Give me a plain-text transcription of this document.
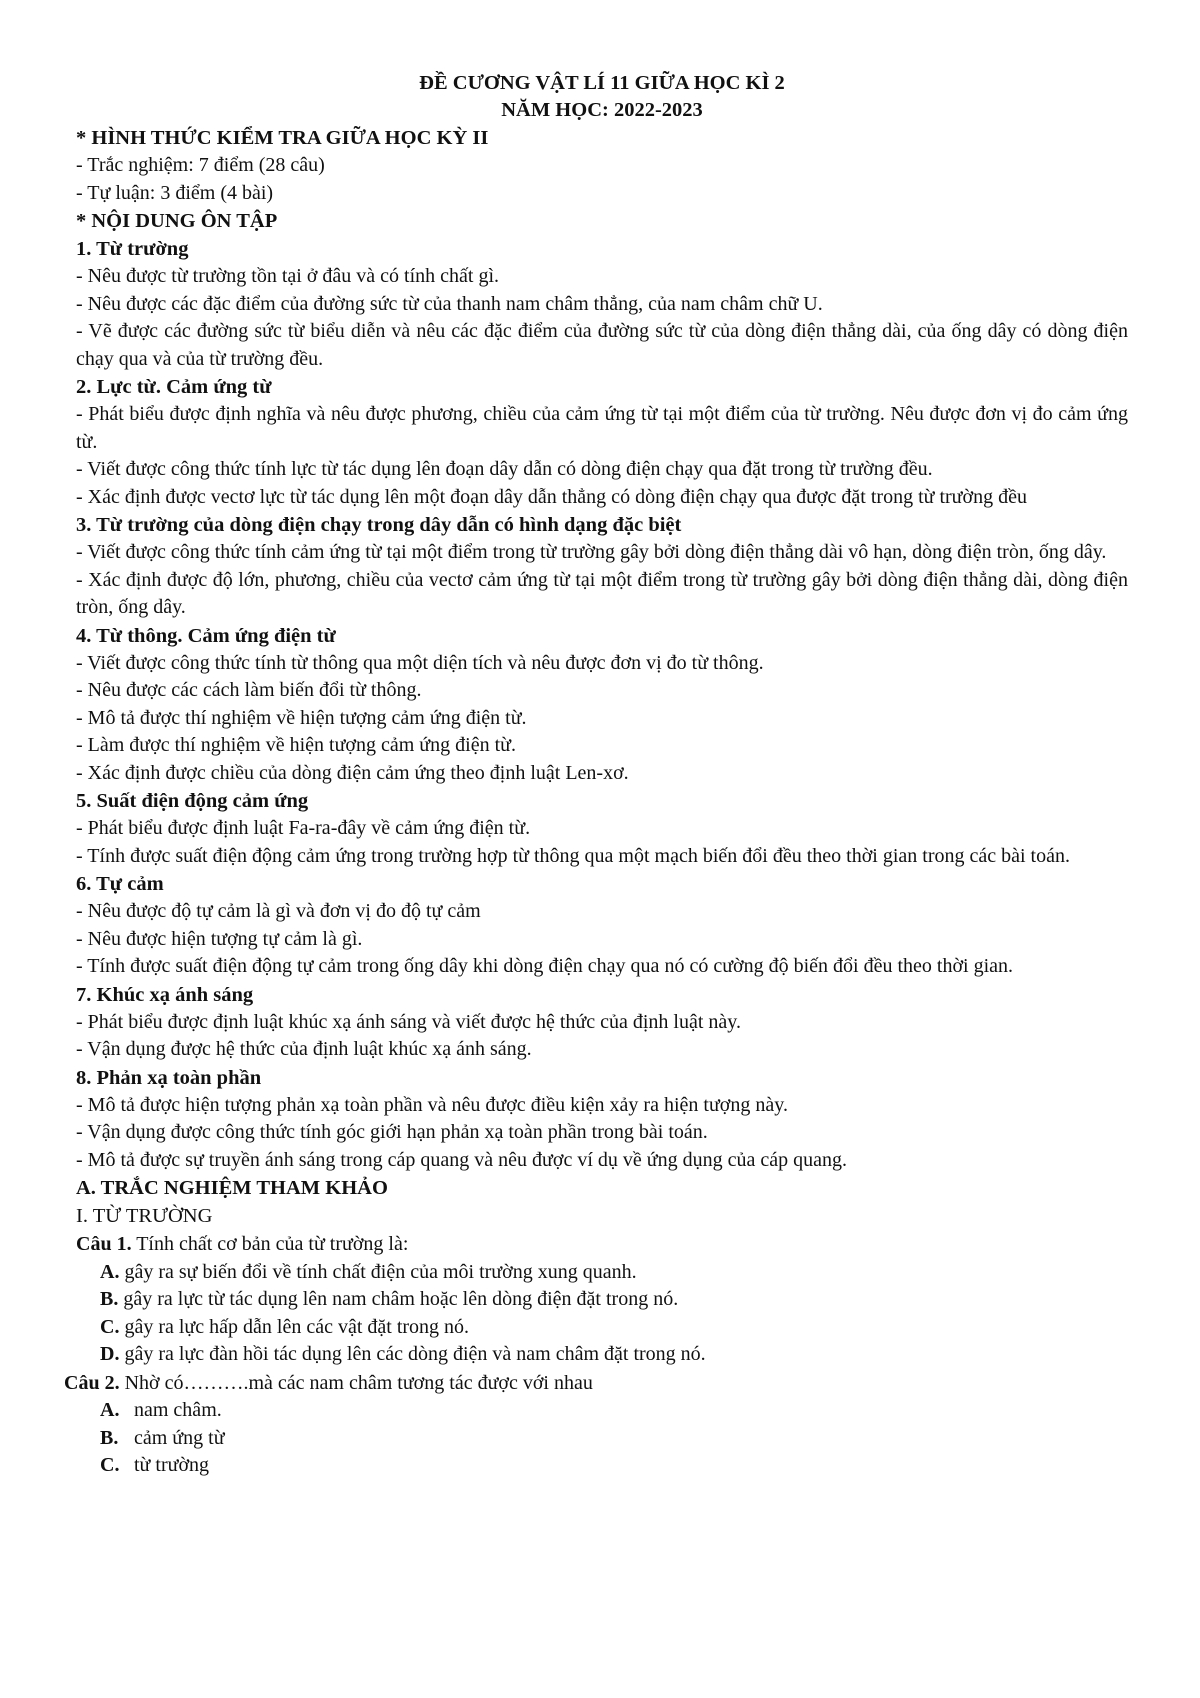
ĐỀ CƯƠNG VẬT LÍ 11 GIỮA HỌC KÌ 2
NĂM HỌC: 2022-2023
* HÌNH THỨC KIỂM TRA GIỮA HỌC KỲ II
- Trắc nghiệm: 7 điểm (28 câu)
- Tự luận: 3 điểm (4 bài)
* NỘI DUNG ÔN TẬP
1. Từ trường
- Nêu được từ trường tồn tại ở đâu và có tính chất gì.
- Nêu được các đặc điểm của đường sức từ của thanh nam châm thẳng, của nam châm chữ U.
- Vẽ được các đường sức từ biểu diễn và nêu các đặc điểm của đường sức từ của dòng điện thẳng dài, của ống dây có dòng điện chạy qua và của từ trường đều.
2. Lực từ. Cảm ứng từ
- Phát biểu được định nghĩa và nêu được phương, chiều của cảm ứng từ tại một điểm của từ trường. Nêu được đơn vị đo cảm ứng từ.
- Viết được công thức tính lực từ tác dụng lên đoạn dây dẫn có dòng điện chạy qua đặt trong từ trường đều.
- Xác định được vectơ lực từ tác dụng lên một đoạn dây dẫn thẳng có dòng điện chạy qua được đặt trong từ trường đều
3. Từ trường của dòng điện chạy trong dây dẫn có hình dạng đặc biệt
- Viết được công thức tính cảm ứng từ tại một điểm trong từ trường gây bởi dòng điện thẳng dài vô hạn, dòng điện tròn, ống dây.
- Xác định được độ lớn, phương, chiều của vectơ cảm ứng từ tại một điểm trong từ trường gây bởi dòng điện thẳng dài, dòng điện tròn, ống dây.
4. Từ thông. Cảm ứng điện từ
- Viết được công thức tính từ thông qua một diện tích và nêu được đơn vị đo từ thông.
- Nêu được các cách làm biến đổi từ thông.
- Mô tả được thí nghiệm về hiện tượng cảm ứng điện từ.
- Làm được thí nghiệm về hiện tượng cảm ứng điện từ.
- Xác định được chiều của dòng điện cảm ứng theo định luật Len-xơ.
5. Suất điện động cảm ứng
- Phát biểu được định luật Fa-ra-đây về cảm ứng điện từ.
- Tính được suất điện động cảm ứng trong trường hợp từ thông qua một mạch biến đổi đều theo thời gian trong các bài toán.
6. Tự cảm
- Nêu được độ tự cảm là gì và đơn vị đo độ tự cảm
- Nêu được hiện tượng tự cảm là gì.
- Tính được suất điện động tự cảm trong ống dây khi dòng điện chạy qua nó có cường độ biến đổi đều theo thời gian.
7. Khúc xạ ánh sáng
- Phát biểu được định luật khúc xạ ánh sáng và viết được hệ thức của định luật này.
- Vận dụng được hệ thức của định luật khúc xạ ánh sáng.
8. Phản xạ toàn phần
- Mô tả được hiện tượng phản xạ toàn phần và nêu được điều kiện xảy ra hiện tượng này.
- Vận dụng được công thức tính góc giới hạn phản xạ toàn phần trong bài toán.
- Mô tả được sự truyền ánh sáng trong cáp quang và nêu được ví dụ về ứng dụng của cáp quang.
A. TRẮC NGHIỆM THAM KHẢO
I. TỪ TRƯỜNG
Câu 1. Tính chất cơ bản của từ trường là:
A. gây ra sự biến đổi về tính chất điện của môi trường xung quanh.
B. gây ra lực từ tác dụng lên nam châm hoặc lên dòng điện đặt trong nó.
C. gây ra lực hấp dẫn lên các vật đặt trong nó.
D. gây ra lực đàn hồi tác dụng lên các dòng điện và nam châm đặt trong nó.
Câu 2. Nhờ có……….mà các nam châm tương tác được với nhau
A. nam châm.
B. cảm ứng từ
C. từ trường
